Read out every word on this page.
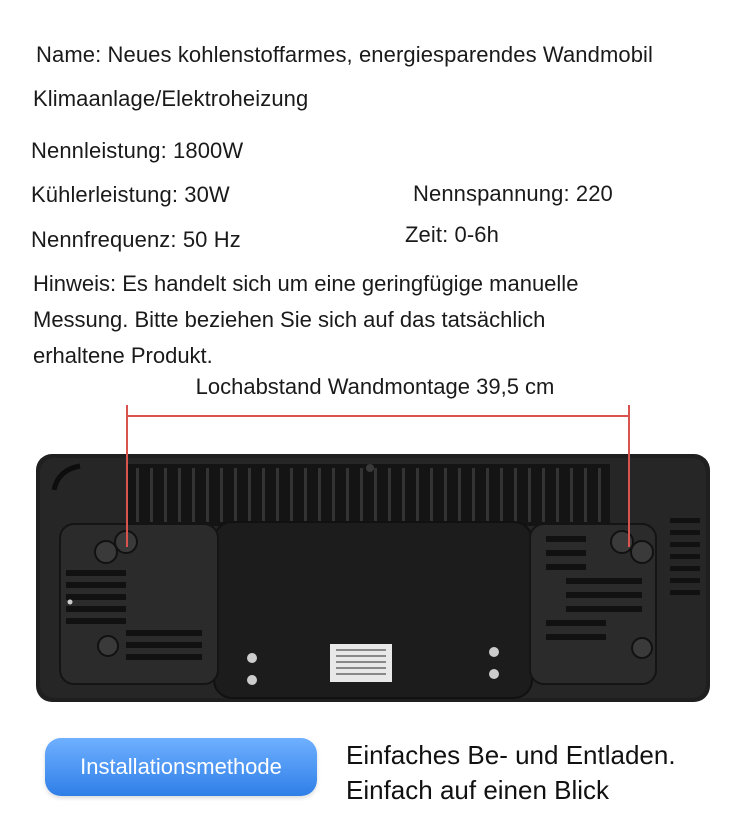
Name: Neues kohlenstoffarmes, energiesparendes Wandmobil
Klimaanlage/Elektroheizung
Nennleistung: 1800W
Kühlerleistung: 30W	Nennspannung: 220
Nennfrequenz: 50 Hz	Zeit: 0-6h
Hinweis: Es handelt sich um eine geringfügige manuelle
Messung. Bitte beziehen Sie sich auf das tatsächlich
erhaltene Produkt.
Lochabstand Wandmontage 39,5 cm
Installationsmethode Einfaches Be- und Entladen.
Einfach auf einen Blick
